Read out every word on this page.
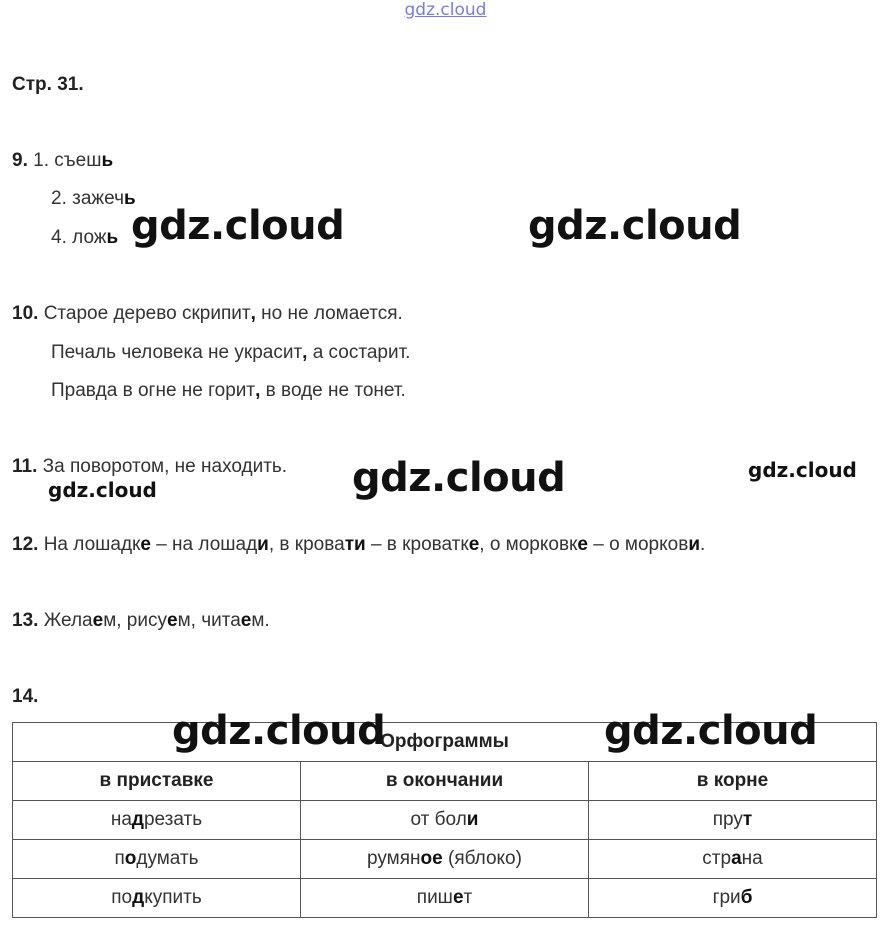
gdz.cloud
Стр. 31.
9. 1. съешь
2. зажечь
4. ложь
10. Старое дерево скрипит, но не ломается.
Печаль человека не украсит, а состарит.
Правда в огне не горит, в воде не тонет.
11. За поворотом, не находить.
12. На лошадке – на лошади, в кровати – в кроватке, о морковке – о моркови.
13. Желаем, рисуем, читаем.
14.
Орфограммы		
в приставке	в окончании	в корне
надрезать	от боли	прут
подумать	румяное (яблоко)	страна
подкупить	пишет	гриб
gdz.cloud	gdz.cloud
gdz.cloud	gdz.cloud
gdz.cloud
gdz.cloud	gdz.cloud
